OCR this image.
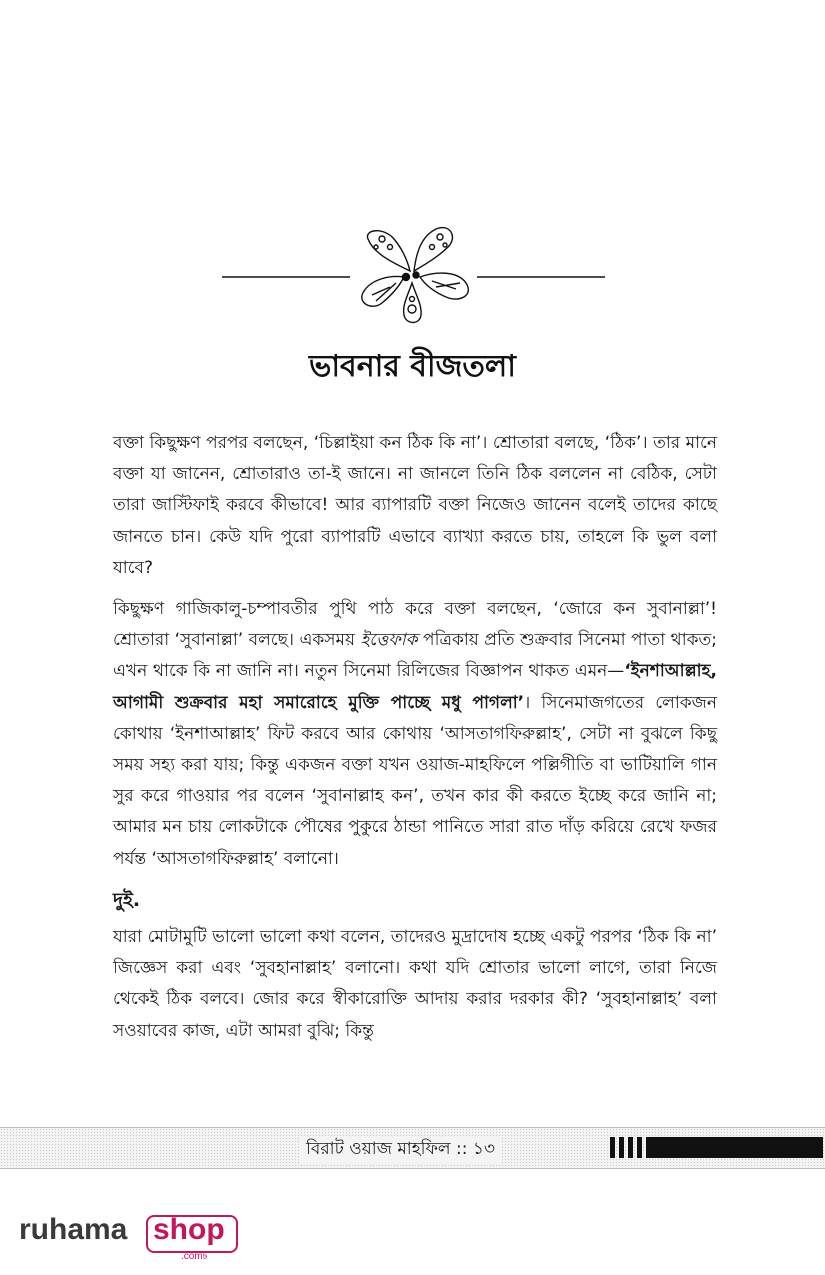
ভাবনার বীজতলা

বক্তা কিছুক্ষণ পরপর বলছেন, ‘চিল্লাইয়া কন ঠিক কি না’। শ্রোতারা বলছে, ‘ঠিক’। তার মানে বক্তা যা জানেন, শ্রোতারাও তা-ই জানে। না জানলে তিনি ঠিক বললেন না বেঠিক, সেটা তারা জাস্টিফাই করবে কীভাবে! আর ব্যাপারটি বক্তা নিজেও জানেন বলেই তাদের কাছে জানতে চান। কেউ যদি পুরো ব্যাপারটি এভাবে ব্যাখ্যা করতে চায়, তাহলে কি ভুল বলা যাবে?

কিছুক্ষণ গাজিকালু-চম্পাবতীর পুথি পাঠ করে বক্তা বলছেন, ‘জোরে কন সুবানাল্লা’! শ্রোতারা ‘সুবানাল্লা’ বলছে। একসময় ইত্তেফাক পত্রিকায় প্রতি শুক্রবার সিনেমা পাতা থাকত; এখন থাকে কি না জানি না। নতুন সিনেমা রিলিজের বিজ্ঞাপন থাকত এমন—‘ইনশাআল্লাহ, আগামী শুক্রবার মহা সমারোহে মুক্তি পাচ্ছে মধু পাগলা’। সিনেমাজগতের লোকজন কোথায় ‘ইনশাআল্লাহ’ ফিট করবে আর কোথায় ‘আসতাগফিরুল্লাহ’, সেটা না বুঝলে কিছু সময় সহ্য করা যায়; কিন্তু একজন বক্তা যখন ওয়াজ-মাহফিলে পল্লিগীতি বা ভাটিয়ালি গান সুর করে গাওয়ার পর বলেন ‘সুবানাল্লাহ কন’, তখন কার কী করতে ইচ্ছে করে জানি না; আমার মন চায় লোকটাকে পৌষের পুকুরে ঠান্ডা পানিতে সারা রাত দাঁড় করিয়ে রেখে ফজর পর্যন্ত ‘আসতাগফিরুল্লাহ’ বলানো।

দুই.

যারা মোটামুটি ভালো ভালো কথা বলেন, তাদেরও মুদ্রাদোষ হচ্ছে একটু পরপর ‘ঠিক কি না’ জিজ্ঞেস করা এবং ‘সুবহানাল্লাহ’ বলানো। কথা যদি শ্রোতার ভালো লাগে, তারা নিজে থেকেই ঠিক বলবে। জোর করে স্বীকারোক্তি আদায় করার দরকার কী? ‘সুবহানাল্লাহ’ বলা সওয়াবের কাজ, এটা আমরা বুঝি; কিন্তু

বিরাট ওয়াজ মাহফিল :: ১৩
ruhama shop
.com৳
